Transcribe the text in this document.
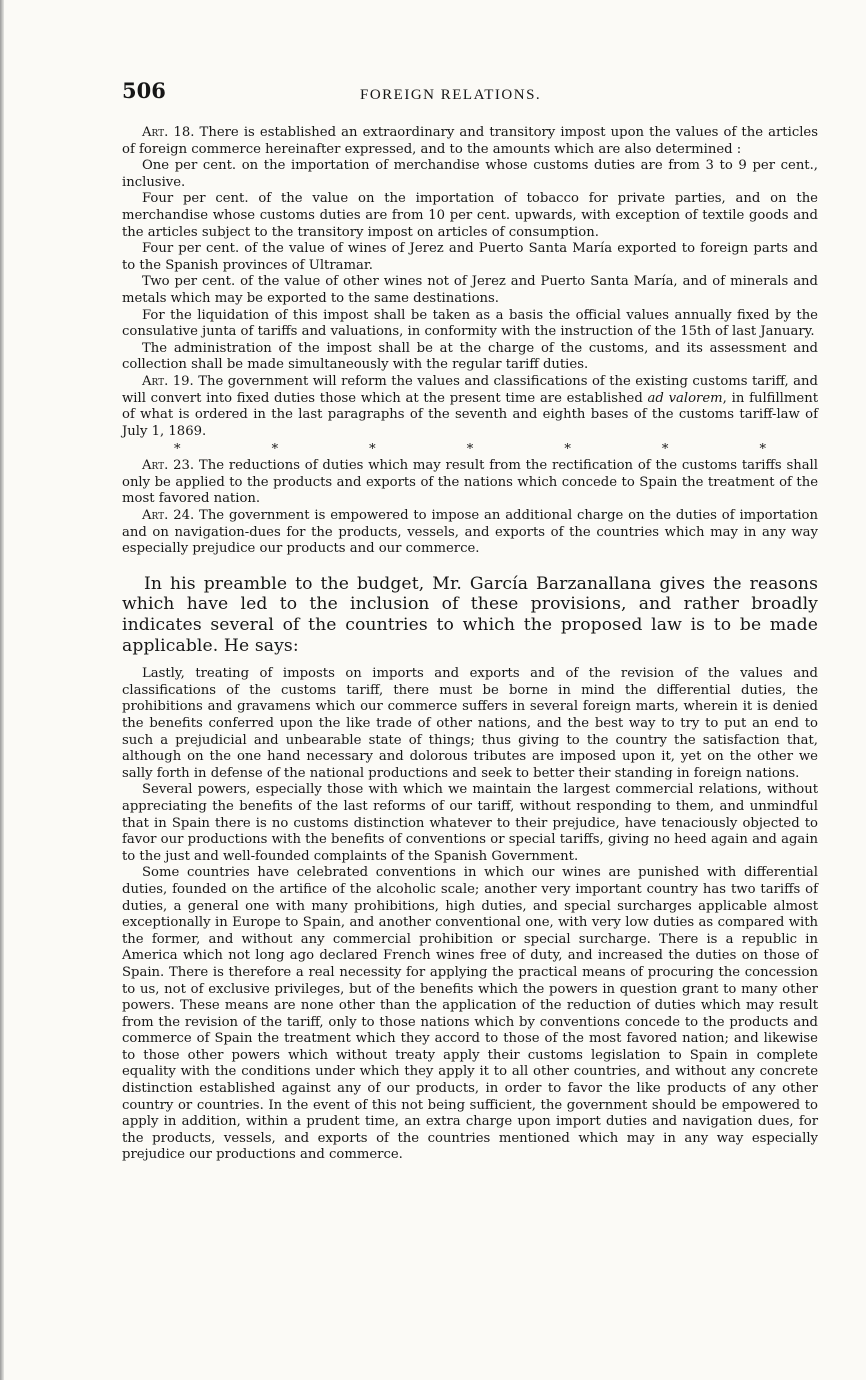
506	FOREIGN RELATIONS.

Art. 18. There is established an extraordinary and transitory impost upon the values of the articles of foreign commerce hereinafter expressed, and to the amounts which are also determined :

One per cent. on the importation of merchandise whose customs duties are from 3 to 9 per cent., inclusive.

Four per cent. of the value on the importation of tobacco for private parties, and on the merchandise whose customs duties are from 10 per cent. upwards, with exception of textile goods and the articles subject to the transitory impost on articles of consumption.

Four per cent. of the value of wines of Jerez and Puerto Santa María exported to foreign parts and to the Spanish provinces of Ultramar.

Two per cent. of the value of other wines not of Jerez and Puerto Santa María, and of minerals and metals which may be exported to the same destinations.

For the liquidation of this impost shall be taken as a basis the official values annually fixed by the consulative junta of tariffs and valuations, in conformity with the instruction of the 15th of last January.

The administration of the impost shall be at the charge of the customs, and its assessment and collection shall be made simultaneously with the regular tariff duties.

Art. 19. The government will reform the values and classifications of the existing customs tariff, and will convert into fixed duties those which at the present time are established ad valorem, in fulfillment of what is ordered in the last paragraphs of the seventh and eighth bases of the customs tariff-law of July 1, 1869.

*	*	*	*	*	*	*

Art. 23. The reductions of duties which may result from the rectification of the customs tariffs shall only be applied to the products and exports of the nations which concede to Spain the treatment of the most favored nation.

Art. 24. The government is empowered to impose an additional charge on the duties of importation and on navigation-dues for the products, vessels, and exports of the countries which may in any way especially prejudice our products and our commerce.

In his preamble to the budget, Mr. García Barzanallana gives the reasons which have led to the inclusion of these provisions, and rather broadly indicates several of the countries to which the proposed law is to be made applicable. He says:

Lastly, treating of imposts on imports and exports and of the revision of the values and classifications of the customs tariff, there must be borne in mind the differential duties, the prohibitions and gravamens which our commerce suffers in several foreign marts, wherein it is denied the benefits conferred upon the like trade of other nations, and the best way to try to put an end to such a prejudicial and unbearable state of things; thus giving to the country the satisfaction that, although on the one hand necessary and dolorous tributes are imposed upon it, yet on the other we sally forth in defense of the national productions and seek to better their standing in foreign nations.

Several powers, especially those with which we maintain the largest commercial relations, without appreciating the benefits of the last reforms of our tariff, without responding to them, and unmindful that in Spain there is no customs distinction whatever to their prejudice, have tenaciously objected to favor our productions with the benefits of conventions or special tariffs, giving no heed again and again to the just and well-founded complaints of the Spanish Government.

Some countries have celebrated conventions in which our wines are punished with differential duties, founded on the artifice of the alcoholic scale; another very important country has two tariffs of duties, a general one with many prohibitions, high duties, and special surcharges applicable almost exceptionally in Europe to Spain, and another conventional one, with very low duties as compared with the former, and without any commercial prohibition or special surcharge. There is a republic in America which not long ago declared French wines free of duty, and increased the duties on those of Spain. There is therefore a real necessity for applying the practical means of procuring the concession to us, not of exclusive privileges, but of the benefits which the powers in question grant to many other powers. These means are none other than the application of the reduction of duties which may result from the revision of the tariff, only to those nations which by conventions concede to the products and commerce of Spain the treatment which they accord to those of the most favored nation; and likewise to those other powers which without treaty apply their customs legislation to Spain in complete equality with the conditions under which they apply it to all other countries, and without any concrete distinction established against any of our products, in order to favor the like products of any other country or countries. In the event of this not being sufficient, the government should be empowered to apply in addition, within a prudent time, an extra charge upon import duties and navigation dues, for the products, vessels, and exports of the countries mentioned which may in any way especially prejudice our productions and commerce.
